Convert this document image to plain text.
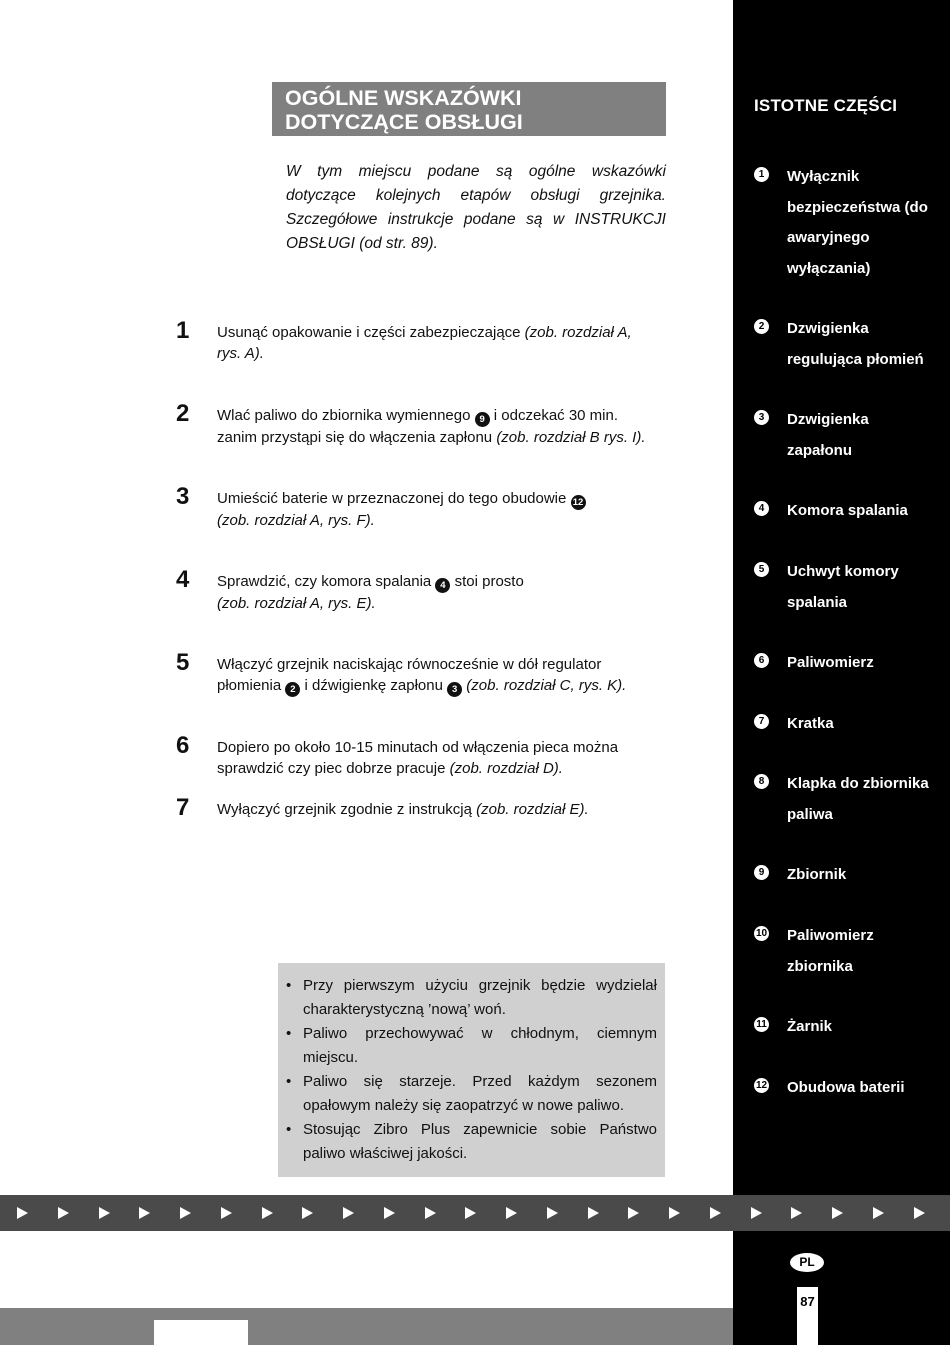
ISTOTNE CZĘŚCI
1	Wyłącznik bezpieczeństwa (do awaryjnego wyłączania)
2	Dzwigienka regulująca płomień
3	Dzwigienka zapałonu
4	Komora spalania
5	Uchwyt komory spalania
6	Paliwomierz
7	Kratka
8	Klapka do zbiornika paliwa
9	Zbiornik
10 Paliwomierz zbiornika
11 Żarnik
12 Obudowa baterii
OGÓLNE WSKAZÓWKI
DOTYCZĄCE OBSŁUGI
W tym miejscu podane są ogólne wskazówki dotyczące kolejnych etapów obsługi grzejnika. Szczegółowe instrukcje podane są w INSTRUKCJI OBSŁUGI (od str. 89).
1 Usunąć opakowanie i części zabezpieczające (zob. rozdział A, rys. A).
2 Wlać paliwo do zbiornika wymiennego 9 i odczekać 30 min. zanim przystąpi się do włączenia zapłonu (zob. rozdział B rys. I).
3 Umieścić baterie w przeznaczonej do tego obudowie 12
(zob. rozdział A, rys. F).
4 Sprawdzić, czy komora spalania 4 stoi prosto
(zob. rozdział A, rys. E).
5 Włączyć grzejnik naciskając równocześnie w dół regulator płomienia 2 i dźwigienkę zapłonu 3 (zob. rozdział C, rys. K).
6 Dopiero po około 10-15 minutach od włączenia pieca można sprawdzić czy piec dobrze pracuje (zob. rozdział D).
7 Wyłączyć grzejnik zgodnie z instrukcją (zob. rozdział E).
• Przy pierwszym użyciu grzejnik będzie wydzielał charakterystyczną ’nową’ woń.
• Paliwo przechowywać w chłodnym, ciemnym miejscu.
• Paliwo się starzeje. Przed każdym sezonem opałowym należy się zaopatrzyć w nowe paliwo.
• Stosując Zibro Plus zapewnicie sobie Państwo paliwo właściwej jakości.
PL
87
